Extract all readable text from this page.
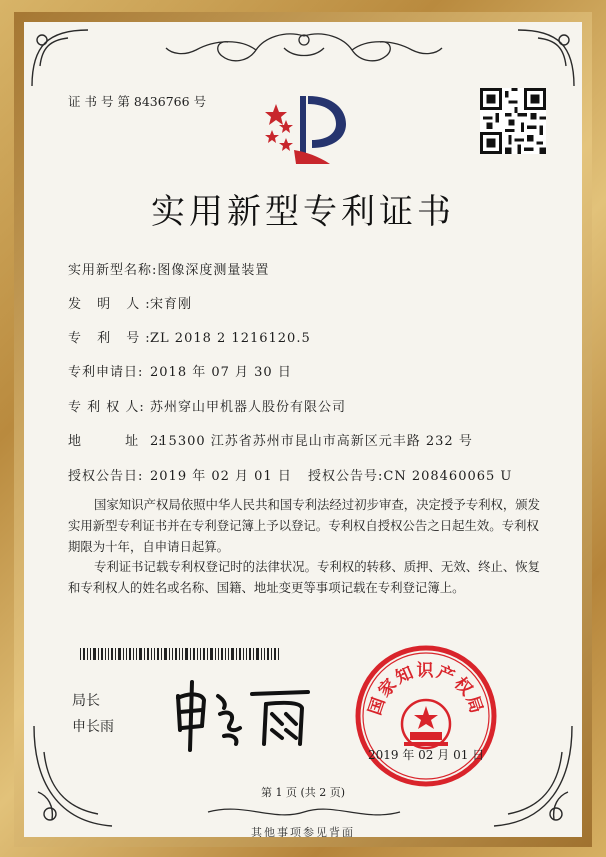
证 书 号 第 8436766 号
实用新型专利证书
实用新型名称:图像深度测量装置
发 明 人:宋育刚
专 利 号:ZL 2018 2 1216120.5
专利申请日: 2018 年 07 月 30 日
专 利 权 人: 苏州穿山甲机器人股份有限公司
地 址:215300 江苏省苏州市昆山市高新区元丰路 232 号
授权公告日: 2019 年 02 月 01 日 授权公告号:CN 208460065 U
国家知识产权局依照中华人民共和国专利法经过初步审查，决定授予专利权，颁发实用新型专利证书并在专利登记簿上予以登记。专利权自授权公告之日起生效。专利权期限为十年，自申请日起算。
专利证书记载专利权登记时的法律状况。专利权的转移、质押、无效、终止、恢复和专利权人的姓名或名称、国籍、地址变更等事项记载在专利登记簿上。
局长
申长雨
国家知识产权局
2019 年 02 月 01 日
第 1 页 (共 2 页)
其他事项参见背面
